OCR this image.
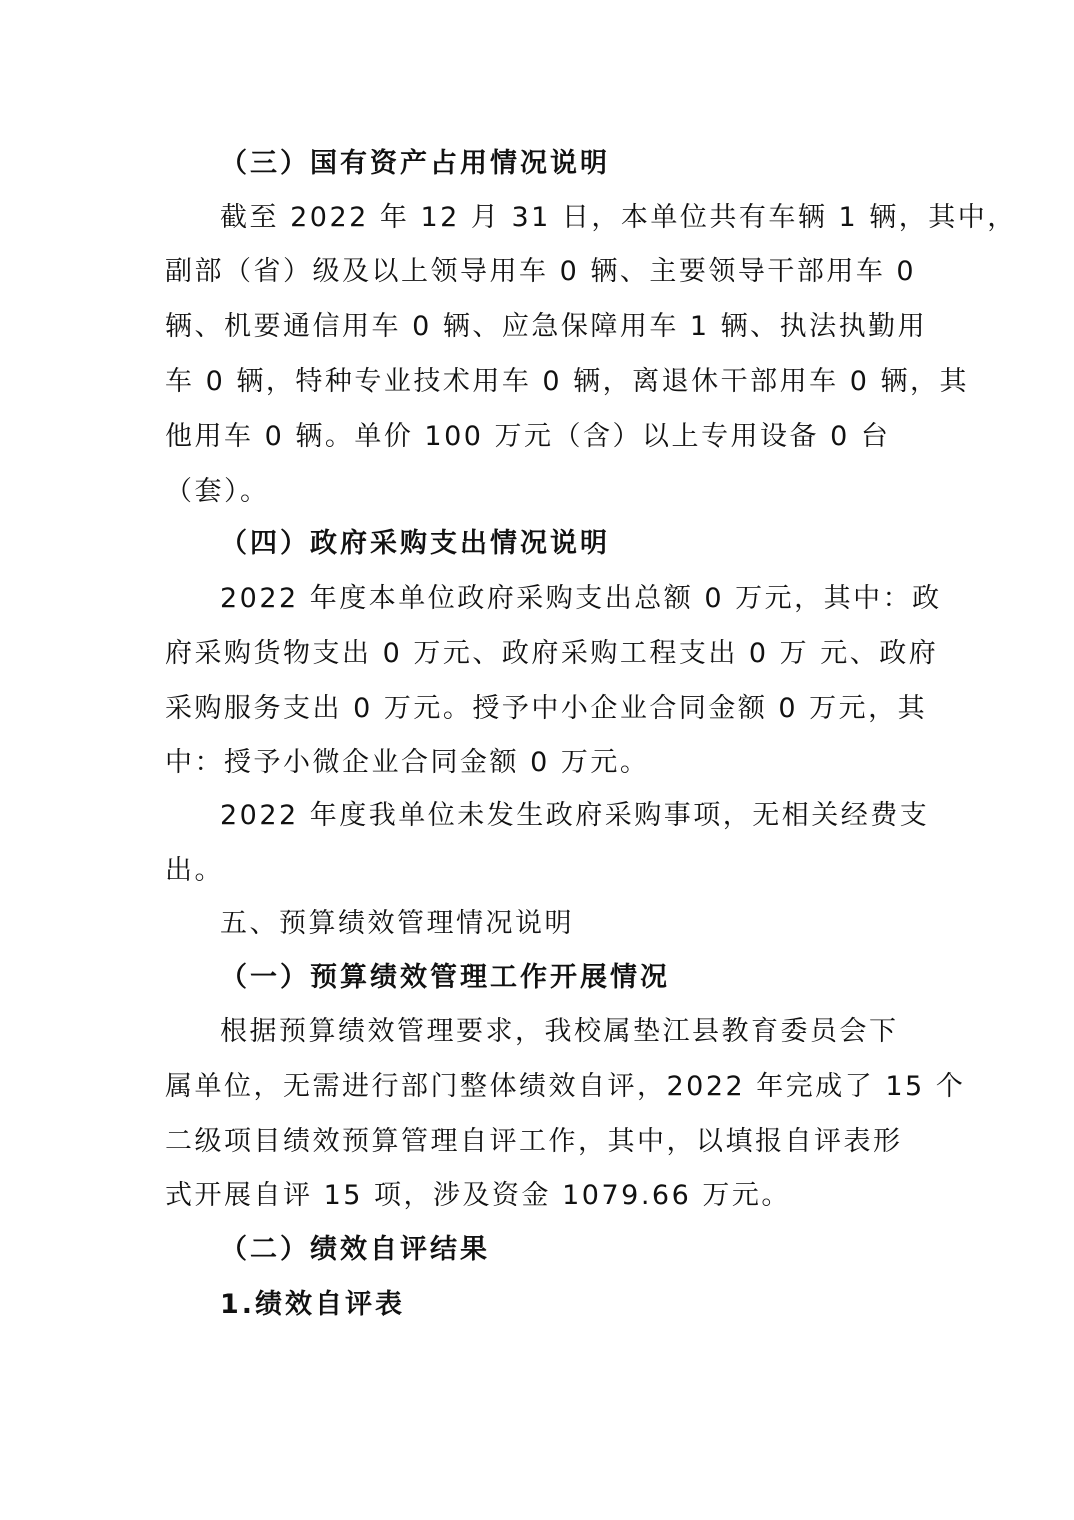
（三）国有资产占用情况说明
截至 2022 年 12 月 31 日，本单位共有车辆 1 辆，其中，
副部（省）级及以上领导用车 0 辆、主要领导干部用车 0
辆、机要通信用车 0 辆、应急保障用车 1 辆、执法执勤用
车 0 辆，特种专业技术用车 0 辆，离退休干部用车 0 辆，其
他用车 0 辆。单价 100 万元（含）以上专用设备 0 台
（套）。
（四）政府采购支出情况说明
2022 年度本单位政府采购支出总额 0 万元，其中：政
府采购货物支出 0 万元、政府采购工程支出 0 万 元、政府
采购服务支出 0 万元。授予中小企业合同金额 0 万元，其
中：授予小微企业合同金额 0 万元。
2022 年度我单位未发生政府采购事项，无相关经费支
出。
五、预算绩效管理情况说明
（一）预算绩效管理工作开展情况
根据预算绩效管理要求，我校属垫江县教育委员会下
属单位，无需进行部门整体绩效自评，2022 年完成了 15 个
二级项目绩效预算管理自评工作，其中，以填报自评表形
式开展自评 15 项，涉及资金 1079.66 万元。
（二）绩效自评结果
1.绩效自评表
